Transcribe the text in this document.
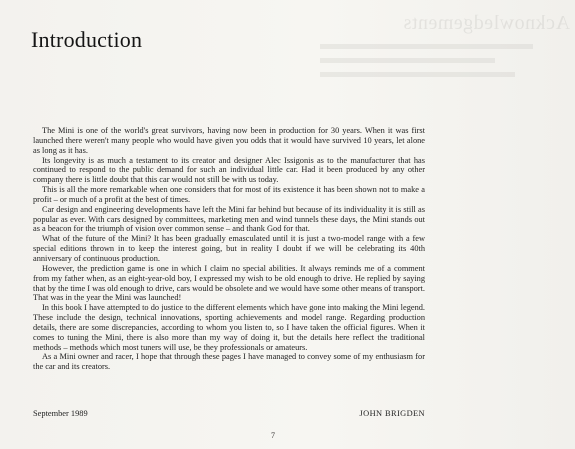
Acknowledgements
Introduction

The Mini is one of the world's great survivors, having now been in production for 30 years. When it was first launched there weren't many people who would have given you odds that it would have survived 10 years, let alone as long as it has.

Its longevity is as much a testament to its creator and designer Alec Issigonis as to the manufacturer that has continued to respond to the public demand for such an individual little car. Had it been produced by any other company there is little doubt that this car would not still be with us today.

This is all the more remarkable when one considers that for most of its existence it has been shown not to make a profit – or much of a profit at the best of times.

Car design and engineering developments have left the Mini far behind but because of its individuality it is still as popular as ever. With cars designed by committees, marketing men and wind tunnels these days, the Mini stands out as a beacon for the triumph of vision over common sense – and thank God for that.

What of the future of the Mini? It has been gradually emasculated until it is just a two-model range with a few special editions thrown in to keep the interest going, but in reality I doubt if we will be celebrating its 40th anniversary of continuous production.

However, the prediction game is one in which I claim no special abilities. It always reminds me of a comment from my father when, as an eight-year-old boy, I expressed my wish to be old enough to drive. He replied by saying that by the time I was old enough to drive, cars would be obsolete and we would have some other means of transport. That was in the year the Mini was launched!

In this book I have attempted to do justice to the different elements which have gone into making the Mini legend. These include the design, technical innovations, sporting achievements and model range. Regarding production details, there are some discrepancies, according to whom you listen to, so I have taken the official figures. When it comes to tuning the Mini, there is also more than my way of doing it, but the details here reflect the traditional methods – methods which most tuners will use, be they professionals or amateurs.

As a Mini owner and racer, I hope that through these pages I have managed to convey some of my enthusiasm for the car and its creators.

September 1989	JOHN BRIGDEN
7
